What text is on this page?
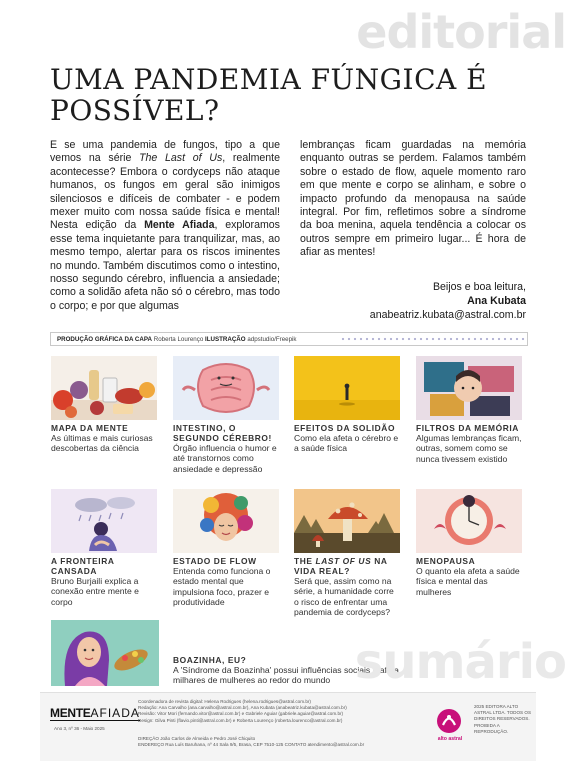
editorial
UMA PANDEMIA FÚNGICA É POSSÍVEL?

E se uma pandemia de fungos, tipo a que vemos na série The Last of Us, realmente acontecesse? Embora o cordyceps não ataque humanos, os fungos em geral são inimigos silenciosos e difíceis de combater - e podem mexer muito com nossa saúde física e mental! Nesta edição da Mente Afiada, exploramos esse tema inquietante para tranquilizar, mas, ao mesmo tempo, alertar para os riscos iminentes no mundo. Também discutimos como o intestino, nosso segundo cérebro, influencia a ansiedade; como a solidão afeta não só o cérebro, mas todo o corpo; e por que algumas

lembranças ficam guardadas na memória enquanto outras se perdem. Falamos também sobre o estado de flow, aquele momento raro em que mente e corpo se alinham, e sobre o impacto profundo da menopausa na saúde integral. Por fim, refletimos sobre a síndrome da boa menina, aquela tendência a colocar os outros sempre em primeiro lugar... É hora de afiar as mentes!

Beijos e boa leitura,
Ana Kubata
anabeatriz.kubata@astral.com.br
PRODUÇÃO GRÁFICA DA CAPA Roberta Lourenço ILUSTRAÇÃO adpstudio/Freepik
MAPA DA MENTE
As últimas e mais curiosas descobertas da ciência
INTESTINO, O SEGUNDO CÉREBRO!
Órgão influencia o humor e até transtornos como ansiedade e depressão
EFEITOS DA SOLIDÃO
Como ela afeta o cérebro e a saúde física
FILTROS DA MEMÓRIA
Algumas lembranças ficam, outras, somem como se nunca tivessem existido
A FRONTEIRA CANSADA
Bruno Burjaili explica a conexão entre mente e corpo
ESTADO DE FLOW
Entenda como funciona o estado mental que impulsiona foco, prazer e produtividade
THE LAST OF US NA VIDA REAL?
Será que, assim como na série, a humanidade corre o risco de enfrentar uma pandemia de cordyceps?
MENOPAUSA
O quanto ela afeta a saúde física e mental das mulheres
BOAZINHA, EU?
A 'Síndrome da Boazinha' possui influências sociais e afeta milhares de mulheres ao redor do mundo sumário
MENTEAFIADA
Ano 3, nº 36 - Maio 2025
Coordenadora de revista digital: Helena Rodrigues (helena.rodrigues@astral.com.br)
Redação: Ana Carvalho (ana.carvalho@astral.com.br), Ana Kubata (anabeatriz.kubata@astral.com.br)
Revisão: Vitor Mori (fernando.vitor@astral.com.br) e Gabriele Aguiar (gabriele.aguiar@astral.com.br)
Design: Gilva Pinti (flavio.pinti@astral.com.br) e Roberta Lourenço (roberta.lourenco@astral.com.br)
DIREÇÃO João Carlos de Almeida e Pedro José Chiquito
ENDEREÇO Rua Luís Baruhana, nº 44 Sala 9/5, Brasa, CEP 7510-125 CONTATO atendimento@astral.com.br
alto astral
2025 EDITORA ALTO
ASTRAL LTDA. TODOS OS
DIREITOS RESERVADOS.
PROIBIDA A REPRODUÇÃO.
